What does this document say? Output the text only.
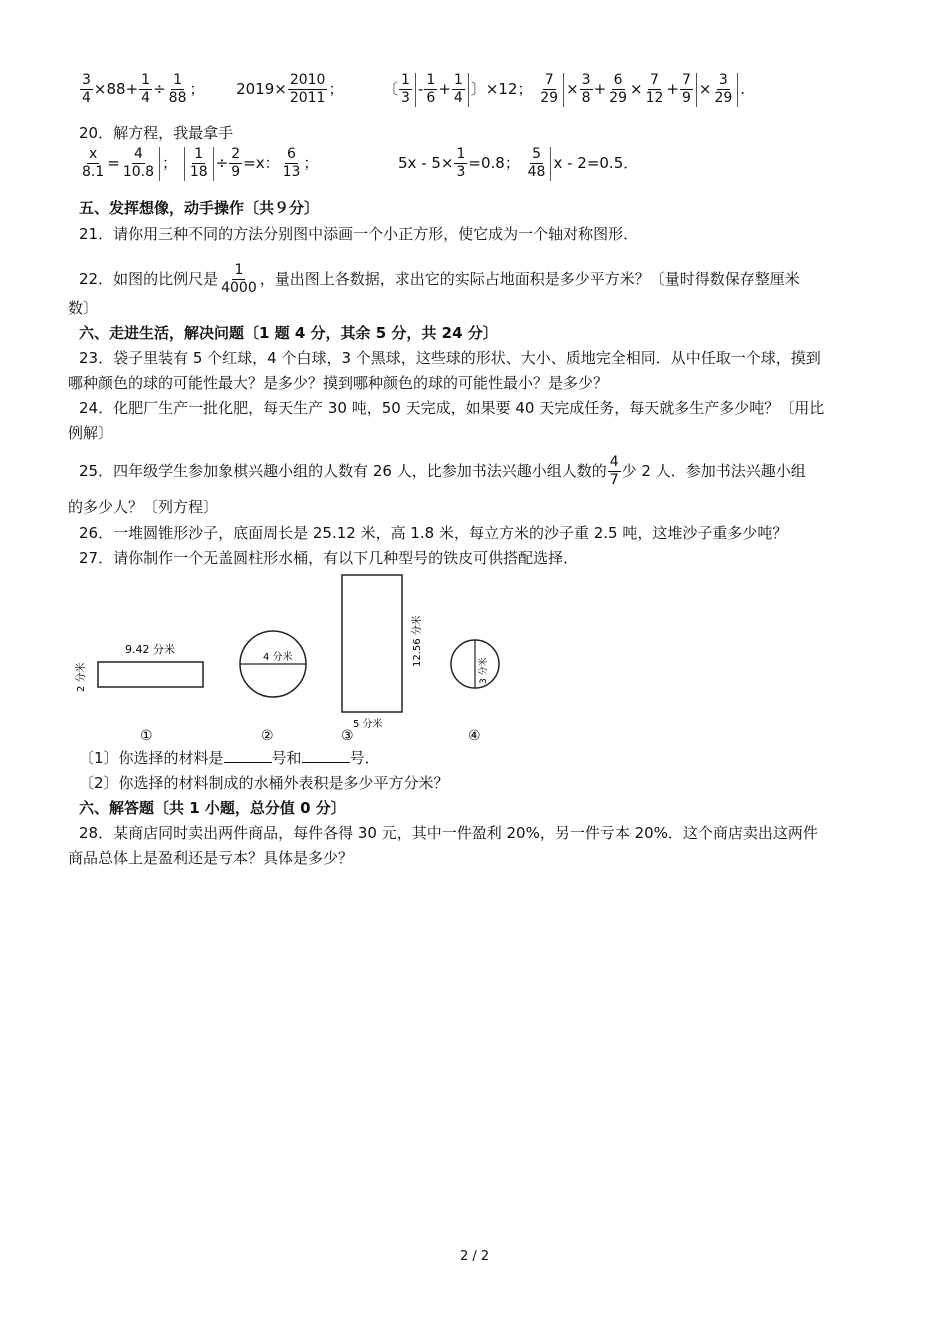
$\frac{3}{4} \times 88+ \frac{1}{4} \div \frac{1}{88}$ ； $2019\times \frac{2010}{2011}$ ；	〔 $\frac{1}{3} - \frac{1}{6} + \frac{1}{4}$ 〕×12； $\frac{7}{29} \times \frac{3}{8} + \frac{6}{29} \times \frac{7}{12} + \frac{7}{9} \times \frac{3}{29}$ .
20．解方程，我最拿手
$\frac{x}{8.1} = \frac{4}{10.8}$ ； $\frac{1}{18} \div \frac{2}{9} =x$： $\frac{6}{13}$ ；	$5x - 5\times \frac{1}{3} =0.8$； $\frac{5}{48}$ x - 2=0.5．
五、发挥想像，动手操作〔共９分〕
21．请你用三种不同的方法分别图中添画一个小正方形，使它成为一个轴对称图形．
22．如图的比例尺是 $\frac{1}{4000}$ ，量出图上各数据，求出它的实际占地面积是多少平方米？〔量时得数保存整厘米
数〕
六、走进生活，解决问题〔1 题 4 分，其余 5 分，共 24 分〕
23．袋子里装有 5 个红球，4 个白球，3 个黑球，这些球的形状、大小、质地完全相同．从中任取一个球，摸到
哪种颜色的球的可能性最大？是多少？摸到哪种颜色的球的可能性最小？是多少？
24．化肥厂生产一批化肥，每天生产 30 吨，50 天完成，如果要 40 天完成任务，每天就多生产多少吨？〔用比
例解〕
25．四年级学生参加象棋兴趣小组的人数有 26 人，比参加书法兴趣小组人数的 $\frac{4}{7}$ 少 2 人．参加书法兴趣小组
的多少人？〔列方程〕
26．一堆圆锥形沙子，底面周长是 25.12 米，高 1.8 米，每立方米的沙子重 2.5 吨，这堆沙子重多少吨？
27．请你制作一个无盖圆柱形水桶，有以下几种型号的铁皮可供搭配选择．
9.42 分米
2 分米
4 分米	12.56 分米
5 分米
3 分米
①	②	③	④
〔1〕你选择的材料是	号和	号．
〔2〕你选择的材料制成的水桶外表积是多少平方分米？
六、解答题〔共 1 小题，总分值 0 分〕
28．某商店同时卖出两件商品，每件各得 30 元，其中一件盈利 20%，另一件亏本 20%．这个商店卖出这两件
商品总体上是盈利还是亏本？具体是多少？
2 / 2
